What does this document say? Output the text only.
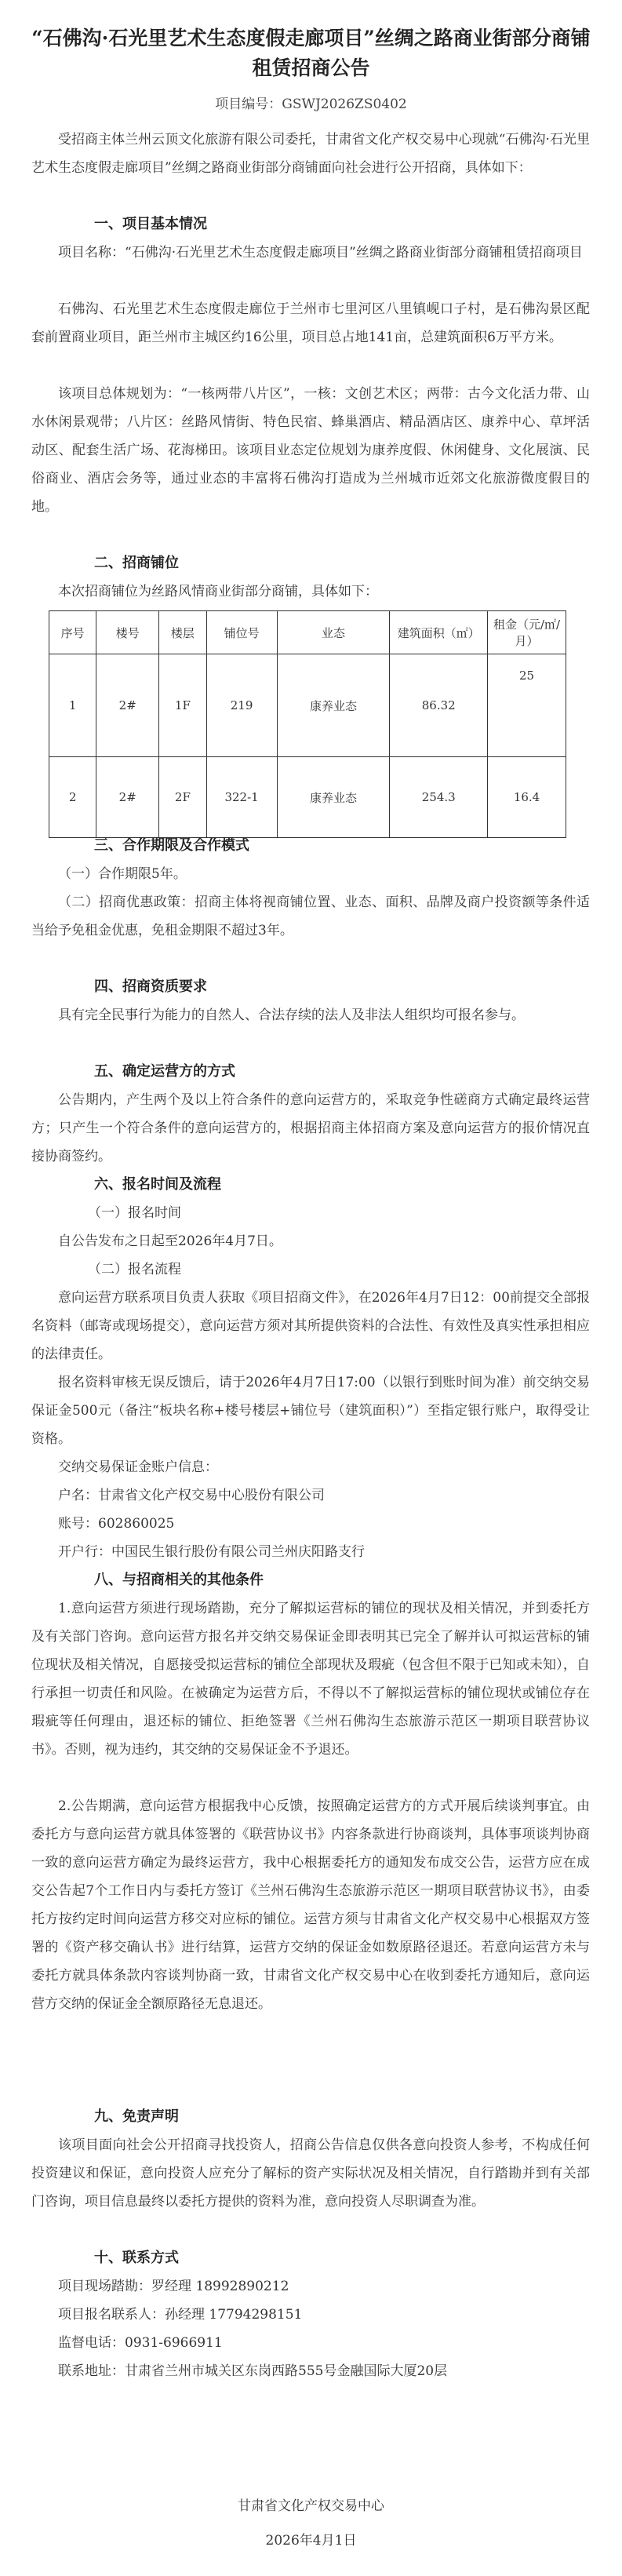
“石佛沟·石光里艺术生态度假走廊项目”丝绸之路商业街部分商铺租赁招商公告
项目编号：GSWJ2026ZS0402
受招商主体兰州云顶文化旅游有限公司委托，甘肃省文化产权交易中心现就“石佛沟·石光里艺术生态度假走廊项目”丝绸之路商业街部分商铺面向社会进行公开招商，具体如下：
一、项目基本情况
项目名称：“石佛沟·石光里艺术生态度假走廊项目”丝绸之路商业街部分商铺租赁招商项目
石佛沟、石光里艺术生态度假走廊位于兰州市七里河区八里镇岘口子村，是石佛沟景区配套前置商业项目，距兰州市主城区约16公里，项目总占地141亩，总建筑面积6万平方米。
该项目总体规划为：“一核两带八片区”，一核：文创艺术区；两带：古今文化活力带、山水休闲景观带；八片区：丝路风情街、特色民宿、蜂巢酒店、精品酒店区、康养中心、草坪活动区、配套生活广场、花海梯田。该项目业态定位规划为康养度假、休闲健身、文化展演、民俗商业、酒店会务等，通过业态的丰富将石佛沟打造成为兰州城市近郊文化旅游微度假目的地。
二、招商铺位
本次招商铺位为丝路风情商业街部分商铺，具体如下：
序号	楼号	楼层	铺位号	业态	建筑面积（㎡）	租金（元/㎡/月）
1	2#	1F	219	康养业态	86.32	25
2	2#	2F	322-1	康养业态	254.3	16.4
三、合作期限及合作模式
（一）合作期限5年。
（二）招商优惠政策：招商主体将视商铺位置、业态、面积、品牌及商户投资额等条件适当给予免租金优惠，免租金期限不超过3年。
四、招商资质要求
具有完全民事行为能力的自然人、合法存续的法人及非法人组织均可报名参与。
五、确定运营方的方式
公告期内，产生两个及以上符合条件的意向运营方的，采取竞争性磋商方式确定最终运营方；只产生一个符合条件的意向运营方的，根据招商主体招商方案及意向运营方的报价情况直接协商签约。
六、报名时间及流程
（一）报名时间
自公告发布之日起至2026年4月7日。
（二）报名流程
意向运营方联系项目负责人获取《项目招商文件》，在2026年4月7日12：00前提交全部报名资料（邮寄或现场提交），意向运营方须对其所提供资料的合法性、有效性及真实性承担相应的法律责任。
报名资料审核无误反馈后，请于2026年4月7日17:00（以银行到账时间为准）前交纳交易保证金500元（备注“板块名称+楼号楼层+铺位号（建筑面积）”）至指定银行账户，取得受让资格。
交纳交易保证金账户信息：
户名：甘肃省文化产权交易中心股份有限公司
账号：602860025
开户行：中国民生银行股份有限公司兰州庆阳路支行
八、与招商相关的其他条件
1.意向运营方须进行现场踏勘，充分了解拟运营标的铺位的现状及相关情况，并到委托方及有关部门咨询。意向运营方报名并交纳交易保证金即表明其已完全了解并认可拟运营标的铺位现状及相关情况，自愿接受拟运营标的铺位全部现状及瑕疵（包含但不限于已知或未知），自行承担一切责任和风险。在被确定为运营方后，不得以不了解拟运营标的铺位现状或铺位存在瑕疵等任何理由，退还标的铺位、拒绝签署《兰州石佛沟生态旅游示范区一期项目联营协议书》。否则，视为违约，其交纳的交易保证金不予退还。
2.公告期满，意向运营方根据我中心反馈，按照确定运营方的方式开展后续谈判事宜。由委托方与意向运营方就具体签署的《联营协议书》内容条款进行协商谈判，具体事项谈判协商一致的意向运营方确定为最终运营方，我中心根据委托方的通知发布成交公告，运营方应在成交公告起7个工作日内与委托方签订《兰州石佛沟生态旅游示范区一期项目联营协议书》，由委托方按约定时间向运营方移交对应标的铺位。运营方须与甘肃省文化产权交易中心根据双方签署的《资产移交确认书》进行结算，运营方交纳的保证金如数原路径退还。若意向运营方未与委托方就具体条款内容谈判协商一致，甘肃省文化产权交易中心在收到委托方通知后，意向运营方交纳的保证金全额原路径无息退还。
九、免责声明
该项目面向社会公开招商寻找投资人，招商公告信息仅供各意向投资人参考，不构成任何投资建议和保证，意向投资人应充分了解标的资产实际状况及相关情况，自行踏勘并到有关部门咨询，项目信息最终以委托方提供的资料为准，意向投资人尽职调查为准。
十、联系方式
项目现场踏勘：罗经理 18992890212
项目报名联系人：孙经理 17794298151
监督电话：0931-6966911
联系地址：甘肃省兰州市城关区东岗西路555号金融国际大厦20层
甘肃省文化产权交易中心
2026年4月1日
